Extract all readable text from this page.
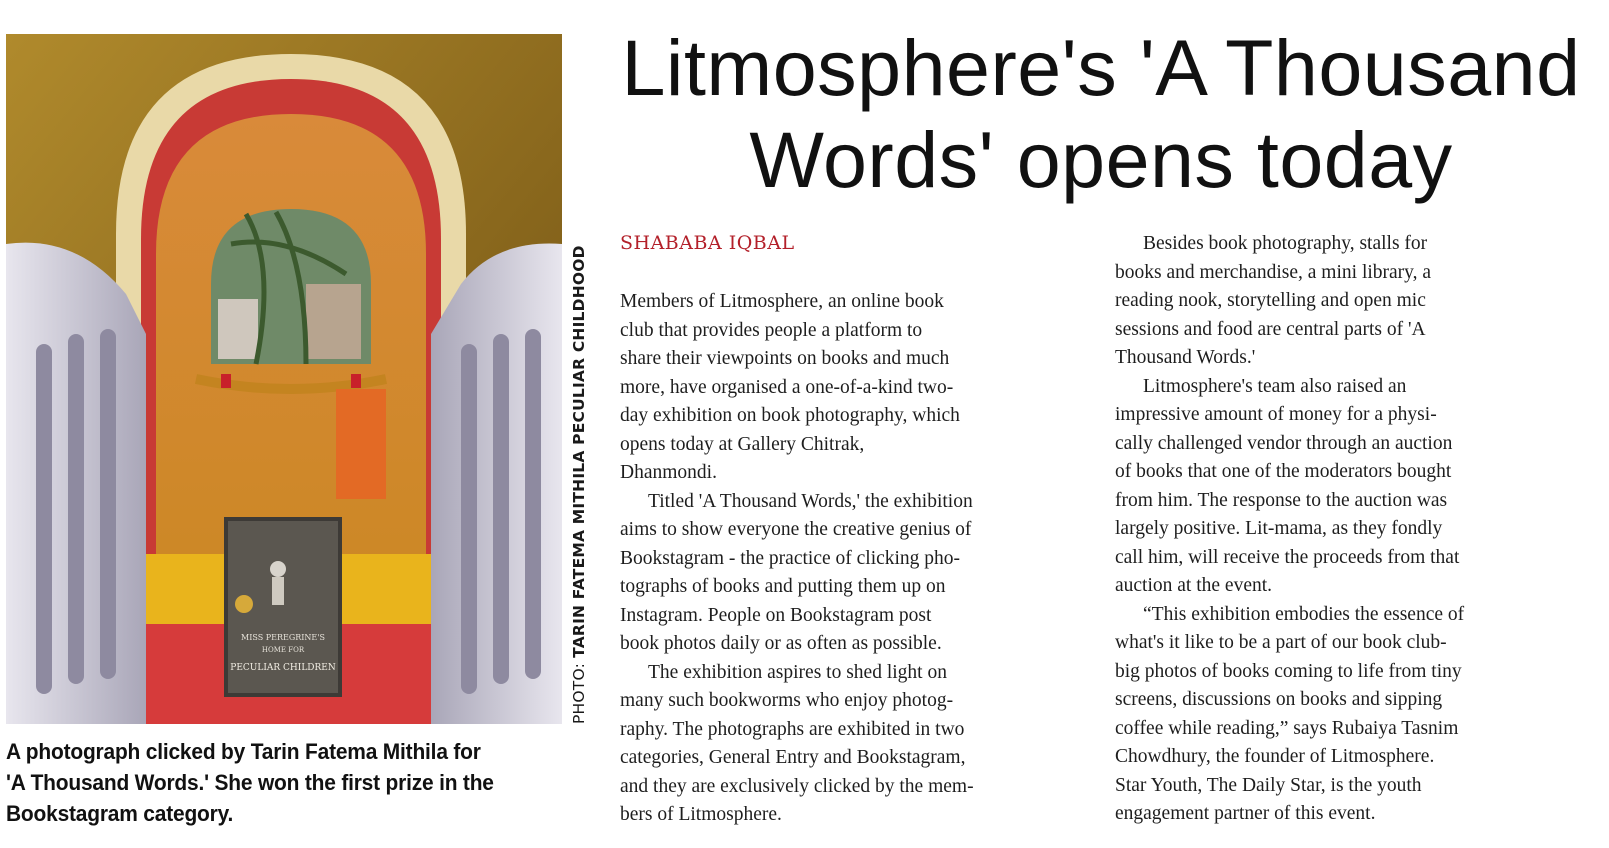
MISS PEREGRINE'S
HOME FOR
PECULIAR CHILDREN	PHOTO: TARIN FATEMA MITHILA PECULIAR CHILDHOOD
A photograph clicked by Tarin Fatema Mithila for
'A Thousand Words.' She won the first prize in the
Bookstagram category.
Litmosphere's 'A Thousand Words' opens today
SHABABA IQBAL
Members of Litmosphere, an online book
club that provides people a platform to
share their viewpoints on books and much
more, have organised a one-of-a-kind two-
day exhibition on book photography, which
opens today at Gallery Chitrak,
Dhanmondi.
Titled 'A Thousand Words,' the exhibition
aims to show everyone the creative genius of
Bookstagram - the practice of clicking pho-
tographs of books and putting them up on
Instagram. People on Bookstagram post
book photos daily or as often as possible.
The exhibition aspires to shed light on
many such bookworms who enjoy photog-
raphy. The photographs are exhibited in two
categories, General Entry and Bookstagram,
and they are exclusively clicked by the mem-
bers of Litmosphere.
Besides book photography, stalls for
books and merchandise, a mini library, a
reading nook, storytelling and open mic
sessions and food are central parts of 'A
Thousand Words.'
Litmosphere's team also raised an
impressive amount of money for a physi-
cally challenged vendor through an auction
of books that one of the moderators bought
from him. The response to the auction was
largely positive. Lit-mama, as they fondly
call him, will receive the proceeds from that
auction at the event.
“This exhibition embodies the essence of
what's it like to be a part of our book club-
big photos of books coming to life from tiny
screens, discussions on books and sipping
coffee while reading,” says Rubaiya Tasnim
Chowdhury, the founder of Litmosphere.
Star Youth, The Daily Star, is the youth
engagement partner of this event.
